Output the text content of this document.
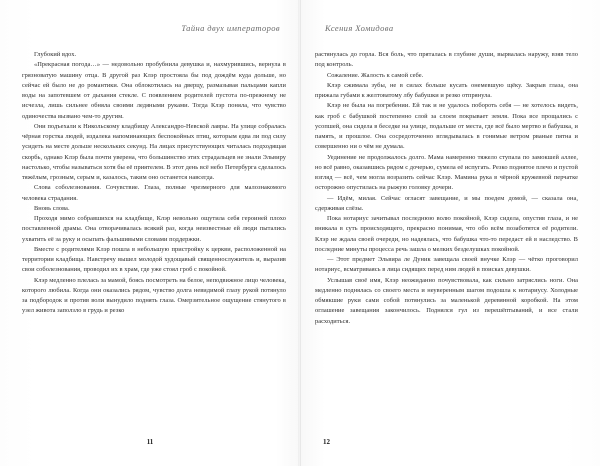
Тайна двух императоров

Глубокий вдох.

«Прекрасная погода…» — недовольно пробубнила девушка и, нахмурившись, вернула в грязноватую машину отца. В другой раз Клэр простояла бы под дождём куда дольше, но сейчас ей было не до романтики. Она облокотилась на дверцу, размазывая пальцами капли воды на запотевшем от дыхания стекле. С появлением родителей пустота по-прежнему не исчезла, лишь сильнее обняла своими ледяными руками. Тогда Клэр поняла, что чувство одиночества вызвано чем-то другим.

Они подъехали к Никольскому кладбищу Александро-Невской лавры. На улице собралась чёрная горстка людей, издалека напоминающих беспокойных птиц, которым едва ли под силу усидеть на месте дольше нескольких секунд. На лицах присутствующих читалась подходящая скорбь, однако Клэр была почти уверена, что большинство этих страдальцев не знали Эльвиру настолько, чтобы называться хотя бы её приятелем. В этот день всё небо Петербурга сделалось тяжёлым, грозным, серым и, казалось, таким оно останется навсегда.

Слова соболезнования. Сочувствие. Глаза, полные чрезмерного для малознакомого человека страдания.

Вновь слова.

Проходя мимо собравшихся на кладбище, Клэр невольно ощутила себя героиней плохо поставленной драмы. Она отворачивалась всякий раз, когда неизвестные ей люди пытались ухватить её за руку и осыпать фальшивыми словами поддержки.

Вместе с родителями Клэр пошла в небольшую пристройку к церкви, расположенной на территории кладбища. Навстречу вышел молодой худощавый священнослужитель и, выразив свои соболезнования, проводил их в храм, где уже стоял гроб с покойной.

Клэр медленно плелась за мамой, боясь посмотреть на белое, неподвижное лицо человека, которого любила. Когда они оказались рядом, чувство долга невидимой глазу рукой потянуло за подбородок и против воли вынудило поднять глаза. Омерзительное ощущение стянутого в узел живота заползло в грудь и резко

11
Ксения Хомидова

растянулась до горла. Вся боль, что пряталась в глубине души, вырвалась наружу, взяв тело под контроль.

Сожаление. Жалость к самой себе.

Клэр сжимала зубы, не в силах больше кусать онемевшую щёку. Закрыв глаза, она прижала губами к желтоватому лбу бабушки и резко отпрянула.

Клэр не была на погребении. Ей так и не удалось побороть себя — не хотелось видеть, как гроб с бабушкой постепенно слой за слоем покрывает земля. Пока все прощались с усопшей, она сидела в беседке на улице, подальше от места, где всё было мертво и бабушка, и память, и прошлое. Она сосредоточенно вглядывалась в гонимые ветром рваные пятна и совершенно ни о чём не думала.

Уединение не продолжалось долго. Мама намеренно тяжело ступала по замокшей аллее, но всё равно, оказавшись рядом с дочерью, сумела её испугать. Резко поднятое плечо и пустой взгляд — всё, чем могла возразить сейчас Клэр. Мамина рука в чёрной кружевной перчатке осторожно опустилась на рыжую головку дочери.

— Идём, милая. Сейчас огласят завещание, и мы поедем домой, — сказала она, сдерживая слёзы.

Пока нотариус зачитывал последнюю волю покойной, Клэр сидела, опустив глаза, и не вникала в суть происходящего, прекрасно понимая, что обо всём позаботятся её родители. Клэр не ждала своей очереди, но надеялась, что бабушка что-то передаст ей в наследство. В последние минуты процесса речь зашла о мелких безделушках покойной.

— Этот предмет Эльвира ле Дуник завещала своей внучке Клэр — чётко проговорил нотариус, всматриваясь в лица сидящих перед ним людей в поисках девушки.

Услышав своё имя, Клэр неожиданно почувствовала, как сильно затряслись ноги. Она медленно поднялась со своего места и неуверенным шагом подошла к нотариусу. Холодные обмякшие руки сами собой потянулись за маленькой деревянной коробкой. На этом оглашение завещания закончилось. Поднялся гул из перешёптываний, и все стали расходиться.

12
